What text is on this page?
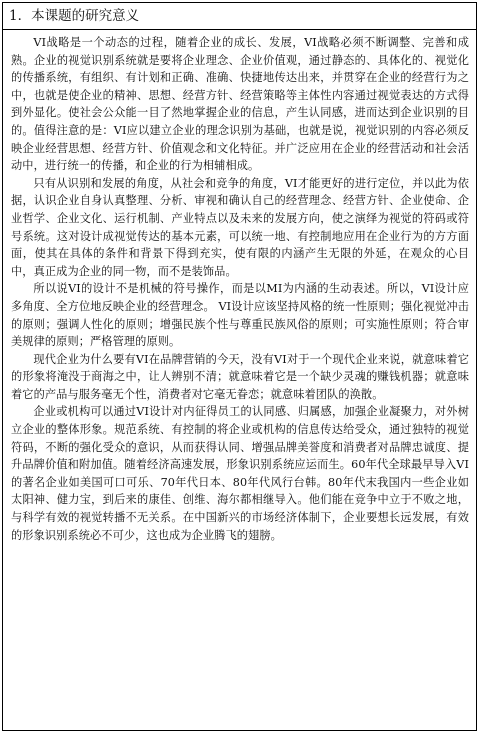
1．本课题的研究意义

VI战略是一个动态的过程，随着企业的成长、发展，VI战略必须不断调整、完善和成熟。企业的视觉识别系统就是要将企业理念、企业价值观，通过静态的、具体化的、视觉化的传播系统，有组织、有计划和正确、准确、快捷地传达出来，并贯穿在企业的经营行为之中，也就是使企业的精神、思想、经营方针、经营策略等主体性内容通过视觉表达的方式得到外显化。使社会公众能一目了然地掌握企业的信息，产生认同感，进而达到企业识别的目的。值得注意的是：VI应以建立企业的理念识别为基础，也就是说，视觉识别的内容必须反映企业经营思想、经营方针、价值观念和文化特征。并广泛应用在企业的经营活动和社会活动中，进行统一的传播，和企业的行为相辅相成。

只有从识别和发展的角度，从社会和竞争的角度，VI才能更好的进行定位，并以此为依据，认识企业自身认真整理、分析、审视和确认自己的经营理念、经营方针、企业使命、企业哲学、企业文化、运行机制、产业特点以及未来的发展方向，使之演绎为视觉的符码或符号系统。这对设计成视觉传达的基本元素，可以统一地、有控制地应用在企业行为的方方面面，使其在具体的条件和背景下得到充实，使有限的内涵产生无限的外延，在观众的心目中，真正成为企业的同一物，而不是装饰品。

所以说VI的设计不是机械的符号操作，而是以MI为内涵的生动表述。所以，VI设计应多角度、全方位地反映企业的经营理念。 VI设计应该坚持风格的统一性原则；强化视觉冲击的原则；强调人性化的原则；增强民族个性与尊重民族风俗的原则；可实施性原则；符合审美规律的原则；严格管理的原则。

现代企业为什么要有VI在品牌营销的今天，没有VI对于一个现代企业来说，就意味着它的形象将淹没于商海之中，让人辨别不清；就意味着它是一个缺少灵魂的赚钱机器；就意味着它的产品与服务毫无个性，消费者对它毫无眷恋；就意味着团队的涣散。

企业或机构可以通过VI设计对内征得员工的认同感、归属感，加强企业凝聚力，对外树立企业的整体形象。规范系统、有控制的将企业或机构的信息传达给受众，通过独特的视觉符码，不断的强化受众的意识，从而获得认同、增强品牌美誉度和消费者对品牌忠诚度、提升品牌价值和附加值。随着经济高速发展，形象识别系统应运而生。60年代全球最早导入VI的著名企业如美国可口可乐、70年代日本、80年代风行台韩。80年代末我国内一些企业如太阳神、健力宝，到后来的康佳、创维、海尔都相继导入。他们能在竞争中立于不败之地，与科学有效的视觉转播不无关系。在中国新兴的市场经济体制下，企业要想长远发展，有效的形象识别系统必不可少，这也成为企业腾飞的翅膀。
